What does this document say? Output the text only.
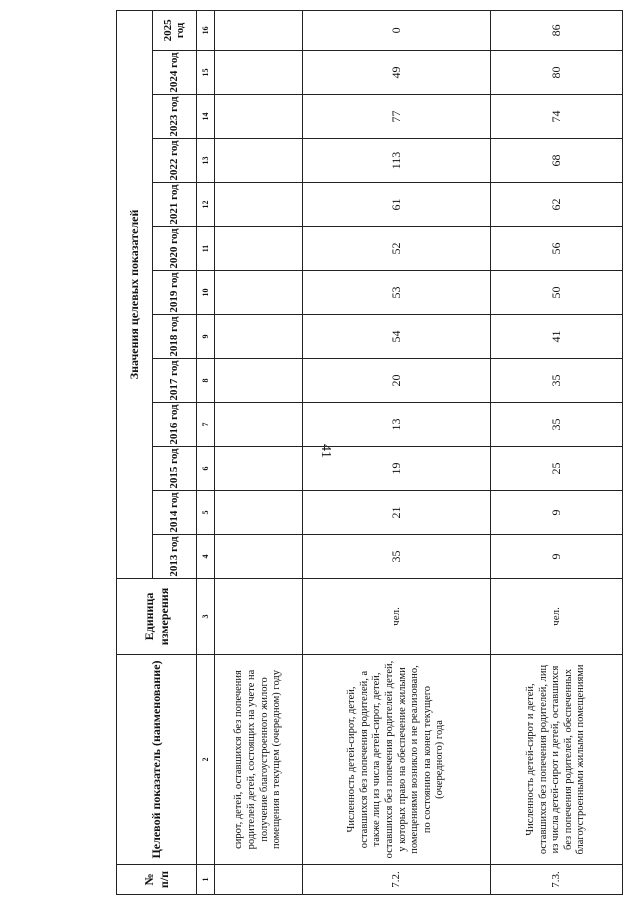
41
№ п/п	Целевой показатель (наименование)	Единица измерения	Значения целевых показателей												
			2013 год	2014 год	2015 год	2016 год	2017 год	2018 год	2019 год	2020 год	2021 год	2022 год	2023 год	2024 год	2025 год
1	2	3	4	5	6	7	8	9	10	11	12	13	14	15	16
	сирот, детей, оставшихся без попечения родителей детей, состоящих на учете на получение благоустроенного жилого помещения в текущем (очередном) году														
7.2.	Численность детей-сирот, детей, оставшихся без попечения родителей, а также лиц из числа детей-сирот, детей, оставшихся без попечения родителей детей, у которых право на обеспечение жилыми помещениями возникло и не реализовано, по состоянию на конец текущего (очередного) года	чел.	35	21	19	13	20	54	53	52	61	113	77	49	0
7.3.	Численность детей-сирот и детей, оставшихся без попечения родителей, лиц из числа детей-сирот и детей, оставшихся без попечения родителей, обеспеченных благоустроенными жилыми помещениями	чел.	9	9	25	35	35	41	50	56	62	68	74	80	86
